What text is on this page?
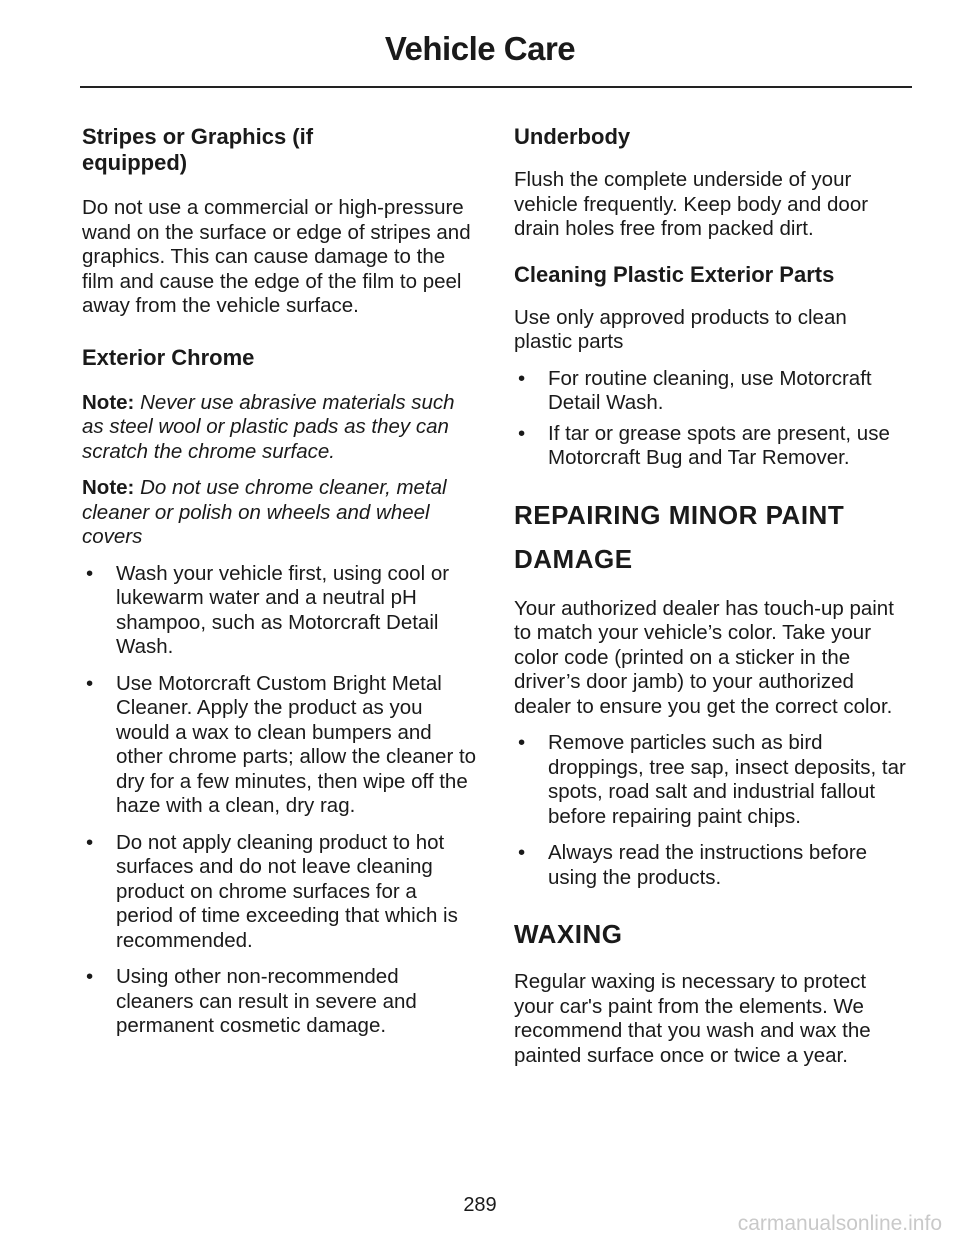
Vehicle Care
Stripes or Graphics (if equipped)

Do not use a commercial or high-pressure wand on the surface or edge of stripes and graphics. This can cause damage to the film and cause the edge of the film to peel away from the vehicle surface.

Exterior Chrome

Note: Never use abrasive materials such as steel wool or plastic pads as they can scratch the chrome surface.

Note: Do not use chrome cleaner, metal cleaner or polish on wheels and wheel covers

• Wash your vehicle first, using cool or lukewarm water and a neutral pH shampoo, such as Motorcraft Detail Wash.
• Use Motorcraft Custom Bright Metal Cleaner. Apply the product as you would a wax to clean bumpers and other chrome parts; allow the cleaner to dry for a few minutes, then wipe off the haze with a clean, dry rag.
• Do not apply cleaning product to hot surfaces and do not leave cleaning product on chrome surfaces for a period of time exceeding that which is recommended.
• Using other non-recommended cleaners can result in severe and permanent cosmetic damage.
Underbody

Flush the complete underside of your vehicle frequently. Keep body and door drain holes free from packed dirt.

Cleaning Plastic Exterior Parts

Use only approved products to clean plastic parts

• For routine cleaning, use Motorcraft Detail Wash.
• If tar or grease spots are present, use Motorcraft Bug and Tar Remover.
REPAIRING MINOR PAINT
DAMAGE

Your authorized dealer has touch-up paint to match your vehicle’s color. Take your color code (printed on a sticker in the driver’s door jamb) to your authorized dealer to ensure you get the correct color.

• Remove particles such as bird droppings, tree sap, insect deposits, tar spots, road salt and industrial fallout before repairing paint chips.
• Always read the instructions before using the products.
WAXING

Regular waxing is necessary to protect your car's paint from the elements. We recommend that you wash and wax the painted surface once or twice a year.

289
carmanualsonline.info
